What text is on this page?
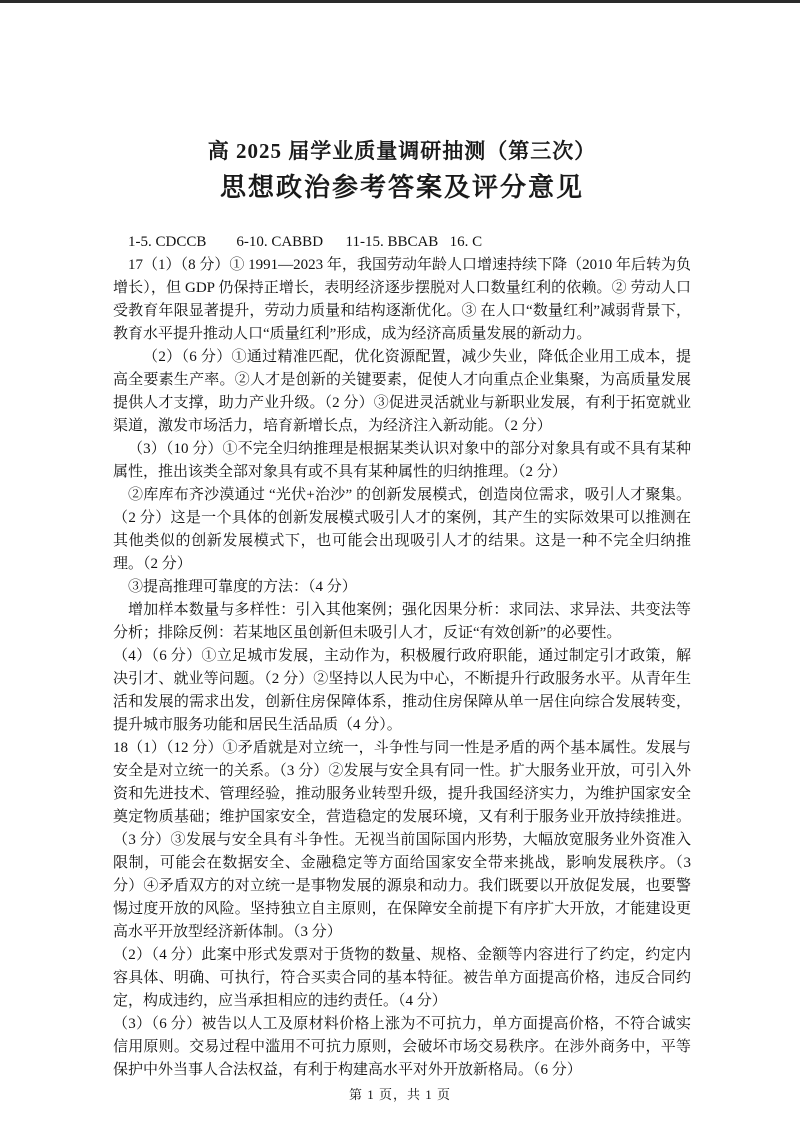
高 2025 届学业质量调研抽测（第三次）
思想政治参考答案及评分意见

1-5. CDCCB        6-10. CABBD      11-15. BBCAB   16. C

17（1）（8 分）① 1991—2023 年，我国劳动年龄人口增速持续下降（2010 年后转为负增长），但 GDP 仍保持正增长，表明经济逐步摆脱对人口数量红利的依赖。② 劳动人口受教育年限显著提升，劳动力质量和结构逐渐优化。③ 在人口“数量红利”减弱背景下，教育水平提升推动人口“质量红利”形成，成为经济高质量发展的新动力。

（2）（6 分）①通过精准匹配，优化资源配置，减少失业，降低企业用工成本，提高全要素生产率。②人才是创新的关键要素，促使人才向重点企业集聚，为高质量发展提供人才支撑，助力产业升级。（2 分）③促进灵活就业与新职业发展，有利于拓宽就业渠道，激发市场活力，培育新增长点，为经济注入新动能。（2 分）

（3）（10 分）①不完全归纳推理是根据某类认识对象中的部分对象具有或不具有某种属性，推出该类全部对象具有或不具有某种属性的归纳推理。（2 分）

②库库布齐沙漠通过 “光伏+治沙” 的创新发展模式，创造岗位需求，吸引人才聚集。（2 分）这是一个具体的创新发展模式吸引人才的案例，其产生的实际效果可以推测在其他类似的创新发展模式下，也可能会出现吸引人才的结果。这是一种不完全归纳推理。（2 分）

③提高推理可靠度的方法：（4 分）

增加样本数量与多样性：引入其他案例；强化因果分析：求同法、求异法、共变法等分析；排除反例：若某地区虽创新但未吸引人才，反证“有效创新”的必要性。

（4）（6 分）①立足城市发展，主动作为，积极履行政府职能，通过制定引才政策，解决引才、就业等问题。（2 分）②坚持以人民为中心，不断提升行政服务水平。从青年生活和发展的需求出发，创新住房保障体系，推动住房保障从单一居住向综合发展转变，提升城市服务功能和居民生活品质（4 分）。

18（1）（12 分）①矛盾就是对立统一，斗争性与同一性是矛盾的两个基本属性。发展与安全是对立统一的关系。（3 分）②发展与安全具有同一性。扩大服务业开放，可引入外资和先进技术、管理经验，推动服务业转型升级，提升我国经济实力，为维护国家安全奠定物质基础；维护国家安全，营造稳定的发展环境，又有利于服务业开放持续推进。（3 分）③发展与安全具有斗争性。无视当前国际国内形势，大幅放宽服务业外资准入限制，可能会在数据安全、金融稳定等方面给国家安全带来挑战，影响发展秩序。（3 分）④矛盾双方的对立统一是事物发展的源泉和动力。我们既要以开放促发展，也要警惕过度开放的风险。坚持独立自主原则，在保障安全前提下有序扩大开放，才能建设更高水平开放型经济新体制。（3 分）

（2）（4 分）此案中形式发票对于货物的数量、规格、金额等内容进行了约定，约定内容具体、明确、可执行，符合买卖合同的基本特征。被告单方面提高价格，违反合同约定，构成违约，应当承担相应的违约责任。（4 分）

（3）（6 分）被告以人工及原材料价格上涨为不可抗力，单方面提高价格，不符合诚实信用原则。交易过程中滥用不可抗力原则，会破坏市场交易秩序。在涉外商务中，平等保护中外当事人合法权益，有利于构建高水平对外开放新格局。（6 分）

第 1 页，共 1 页
